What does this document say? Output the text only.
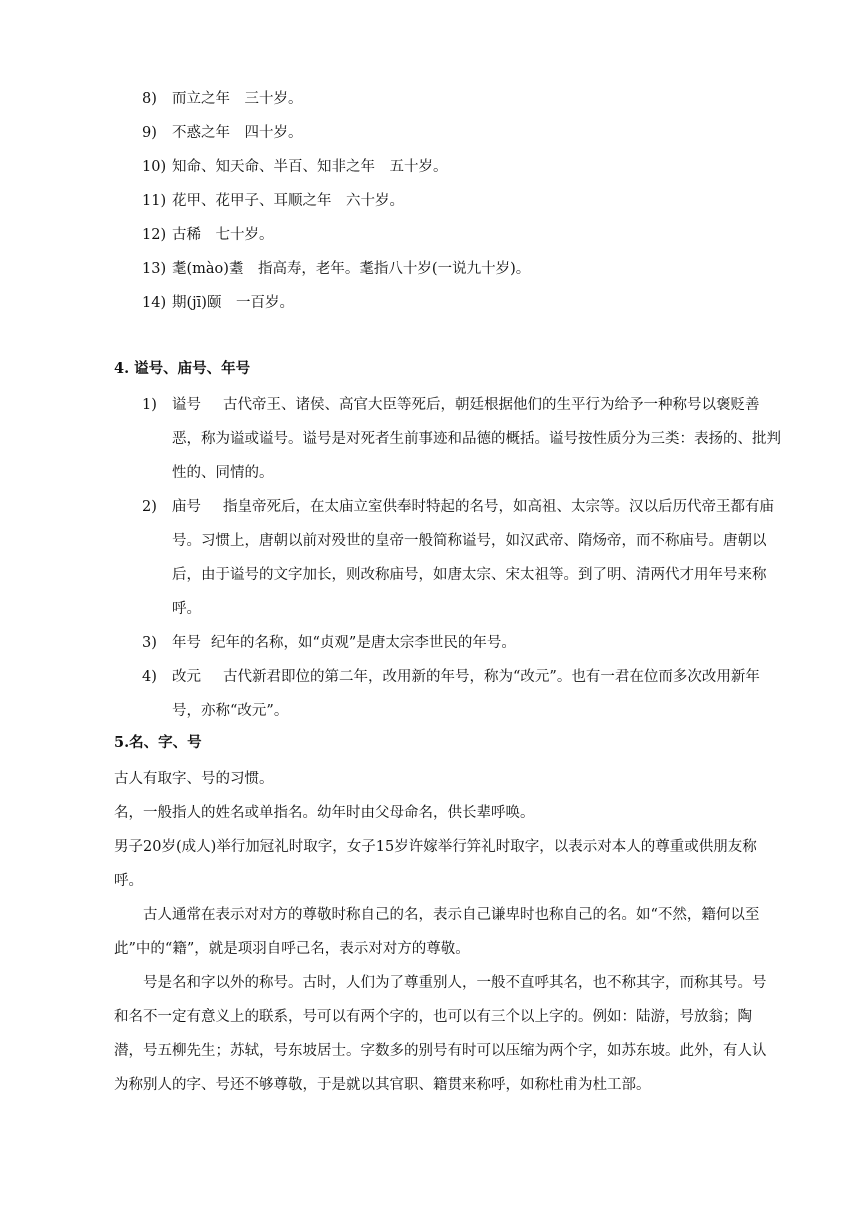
8) 而立之年　三十岁。
9) 不惑之年　四十岁。
10) 知命、知天命、半百、知非之年　五十岁。
11) 花甲、花甲子、耳顺之年　六十岁。
12) 古稀　七十岁。
13) 耄(mào)耋　指高寿，老年。耄指八十岁(一说九十岁)。
14) 期(jī)颐　一百岁。
4. 谥号、庙号、年号
1) 谥号 古代帝王、诸侯、高官大臣等死后，朝廷根据他们的生平行为给予一种称号以褒贬善恶，称为谥或谥号。谥号是对死者生前事迹和品德的概括。谥号按性质分为三类：表扬的、批判性的、同情的。
2) 庙号 指皇帝死后，在太庙立室供奉时特起的名号，如高祖、太宗等。汉以后历代帝王都有庙号。习惯上，唐朝以前对殁世的皇帝一般简称谥号，如汉武帝、隋炀帝，而不称庙号。唐朝以后，由于谥号的文字加长，则改称庙号，如唐太宗、宋太祖等。到了明、清两代才用年号来称呼。
3) 年号 纪年的名称，如“贞观”是唐太宗李世民的年号。
4) 改元 古代新君即位的第二年，改用新的年号，称为“改元”。也有一君在位而多次改用新年号，亦称“改元”。
5.名、字、号
古人有取字、号的习惯。
名，一般指人的姓名或单指名。幼年时由父母命名，供长辈呼唤。
男子20岁(成人)举行加冠礼时取字，女子15岁许嫁举行笄礼时取字，以表示对本人的尊重或供朋友称呼。
古人通常在表示对对方的尊敬时称自己的名，表示自己谦卑时也称自己的名。如“不然，籍何以至此”中的“籍”，就是项羽自呼己名，表示对对方的尊敬。
号是名和字以外的称号。古时，人们为了尊重别人，一般不直呼其名，也不称其字，而称其号。号和名不一定有意义上的联系，号可以有两个字的，也可以有三个以上字的。例如：陆游，号放翁；陶潜，号五柳先生；苏轼，号东坡居士。字数多的别号有时可以压缩为两个字，如苏东坡。此外，有人认为称别人的字、号还不够尊敬，于是就以其官职、籍贯来称呼，如称杜甫为杜工部。
